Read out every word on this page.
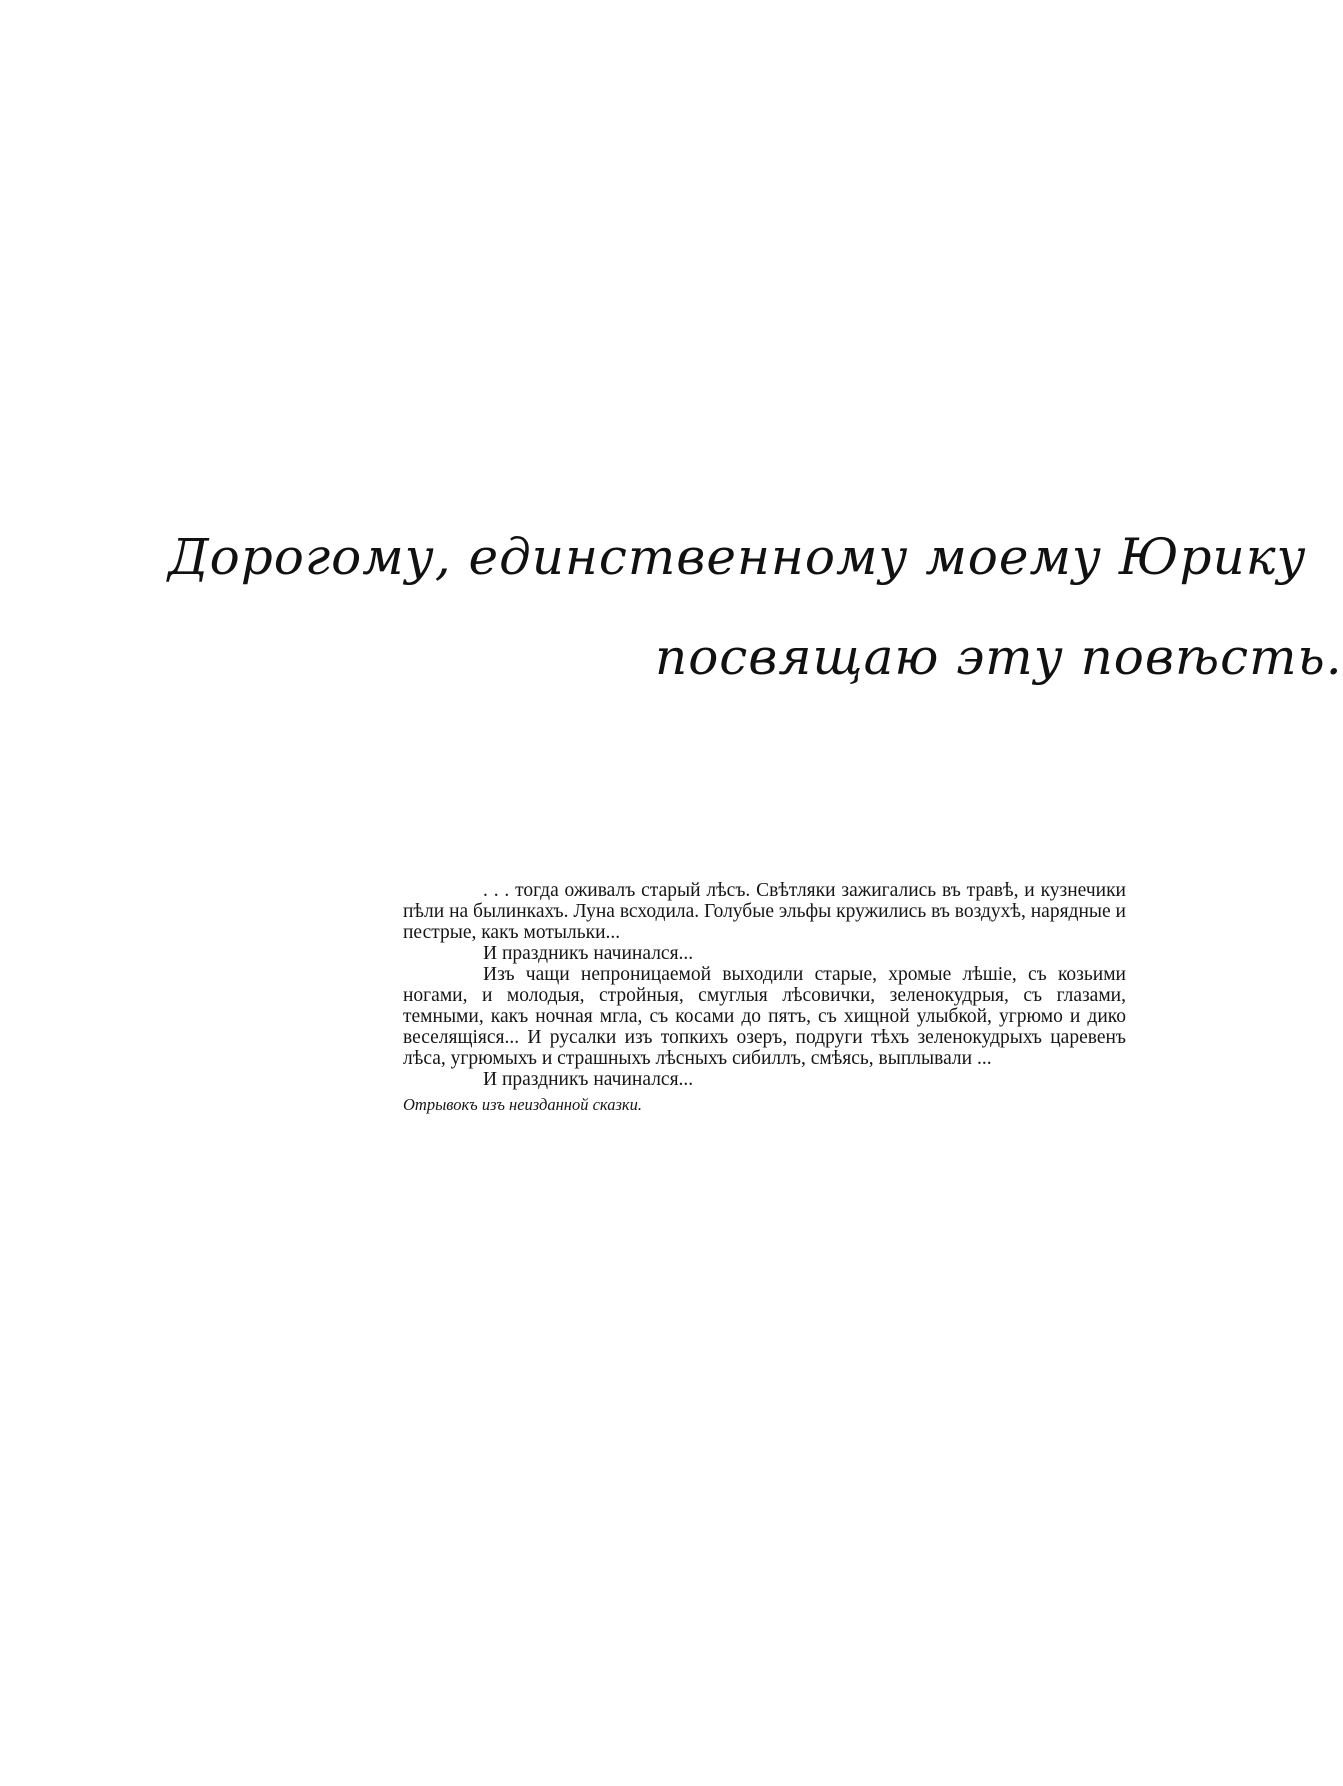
Дорогому, единственному моему Юрику
посвящаю эту повѣсть.

. . . тогда оживалъ старый лѣсъ. Свѣтляки зажигались въ травѣ, и кузнечики пѣли на былинкахъ. Луна всходила. Голубые эльфы кружились въ воздухѣ, нарядные и пестрые, какъ мотыльки...

И праздникъ начинался...

Изъ чащи непроницаемой выходили старые, хромые лѣшіе, съ козьими ногами, и молодыя, стройныя, смуглыя лѣсовички, зеленокудрыя, съ глазами, темными, какъ ночная мгла, съ косами до пятъ, съ хищной улыбкой, угрюмо и дико веселящіяся... И русалки изъ топкихъ озеръ, подруги тѣхъ зеленокудрыхъ царевенъ лѣса, угрюмыхъ и страшныхъ лѣсныхъ сибиллъ, смѣясь, выплывали ...

И праздникъ начинался...

Отрывокъ изъ неизданной сказки.
